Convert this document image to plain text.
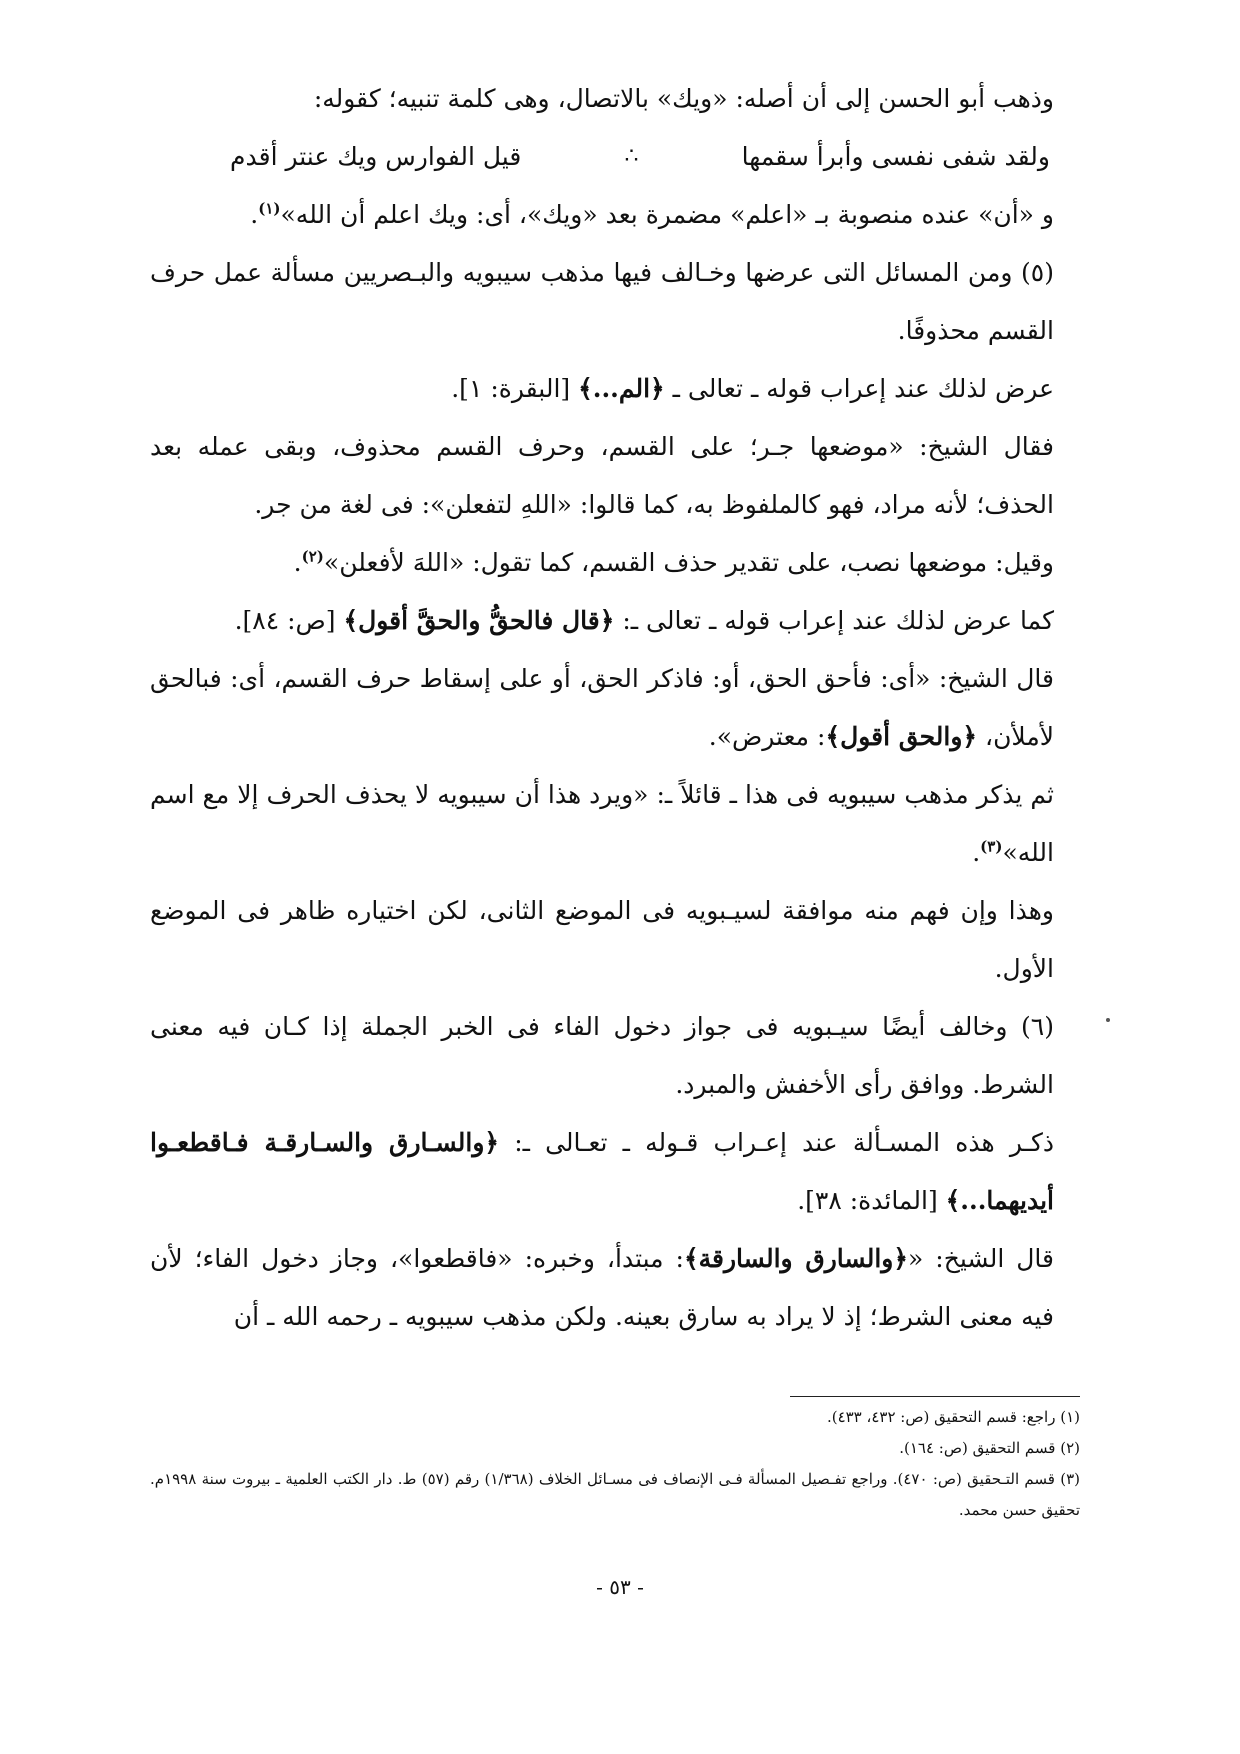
وذهب أبو الحسن إلى أن أصله: «ويك» بالاتصال، وهى كلمة تنبيه؛ كقوله:

ولقد شفى نفسى وأبرأ سقمها
∴
قيل الفوارس ويك عنتر أقدم

و «أن» عنده منصوبة بـ «اعلم» مضمرة بعد «ويك»، أى: ويك اعلم أن الله»$^{(١)}$.

(٥) ومن المسائل التى عرضها وخـالف فيها مذهب سيبويه والبـصريين مسألة عمل حرف القسم محذوفًا.

عرض لذلك عند إعراب قوله ـ تعالى ـ ﴿الم...﴾ [البقرة: ١].

فقال الشيخ: «موضعها جـر؛ على القسم، وحرف القسم محذوف، وبقى عمله بعد الحذف؛ لأنه مراد، فهو كالملفوظ به، كما قالوا: «اللهِ لتفعلن»: فى لغة من جر.

وقيل: موضعها نصب، على تقدير حذف القسم، كما تقول: «اللهَ لأفعلن»$^{(٢)}$.

كما عرض لذلك عند إعراب قوله ـ تعالى ـ: ﴿قال فالحقُّ والحقَّ أقول﴾ [ص: ٨٤].

قال الشيخ: «أى: فأحق الحق، أو: فاذكر الحق، أو على إسقاط حرف القسم، أى: فبالحق لأملأن، ﴿والحق أقول﴾: معترض».

ثم يذكر مذهب سيبويه فى هذا ـ قائلاً ـ: «ويرد هذا أن سيبويه لا يحذف الحرف إلا مع اسم الله»$^{(٣)}$.

وهذا وإن فهم منه موافقة لسيـبويه فى الموضع الثانى، لكن اختياره ظاهر فى الموضع الأول.

(٦) وخالف أيضًا سيـبويه فى جواز دخول الفاء فى الخبر الجملة إذا كـان فيه معنى الشرط. ووافق رأى الأخفش والمبرد.

ذكـر هذه المسـألة عند إعـراب قـوله ـ تعـالى ـ: ﴿والسـارق والسـارقـة فـاقطعـوا أيديهما...﴾ [المائدة: ٣٨].

قال الشيخ: «﴿والسارق والسارقة﴾: مبتدأ، وخبره: «فاقطعوا»، وجاز دخول الفاء؛ لأن فيه معنى الشرط؛ إذ لا يراد به سارق بعينه. ولكن مذهب سيبويه ـ رحمه الله ـ أن

(١) راجع: قسم التحقيق (ص: ٤٣٢، ٤٣٣).

(٢) قسم التحقيق (ص: ١٦٤).

(٣) قسم التـحقيق (ص: ٤٧٠). وراجع تفـصيل المسألة فـى الإنصاف فى مسـائل الخلاف (١/٣٦٨) رقم (٥٧) ط. دار الكتب العلمية ـ بيروت سنة ١٩٩٨م. تحقيق حسن محمد.

- ٥٣ -
